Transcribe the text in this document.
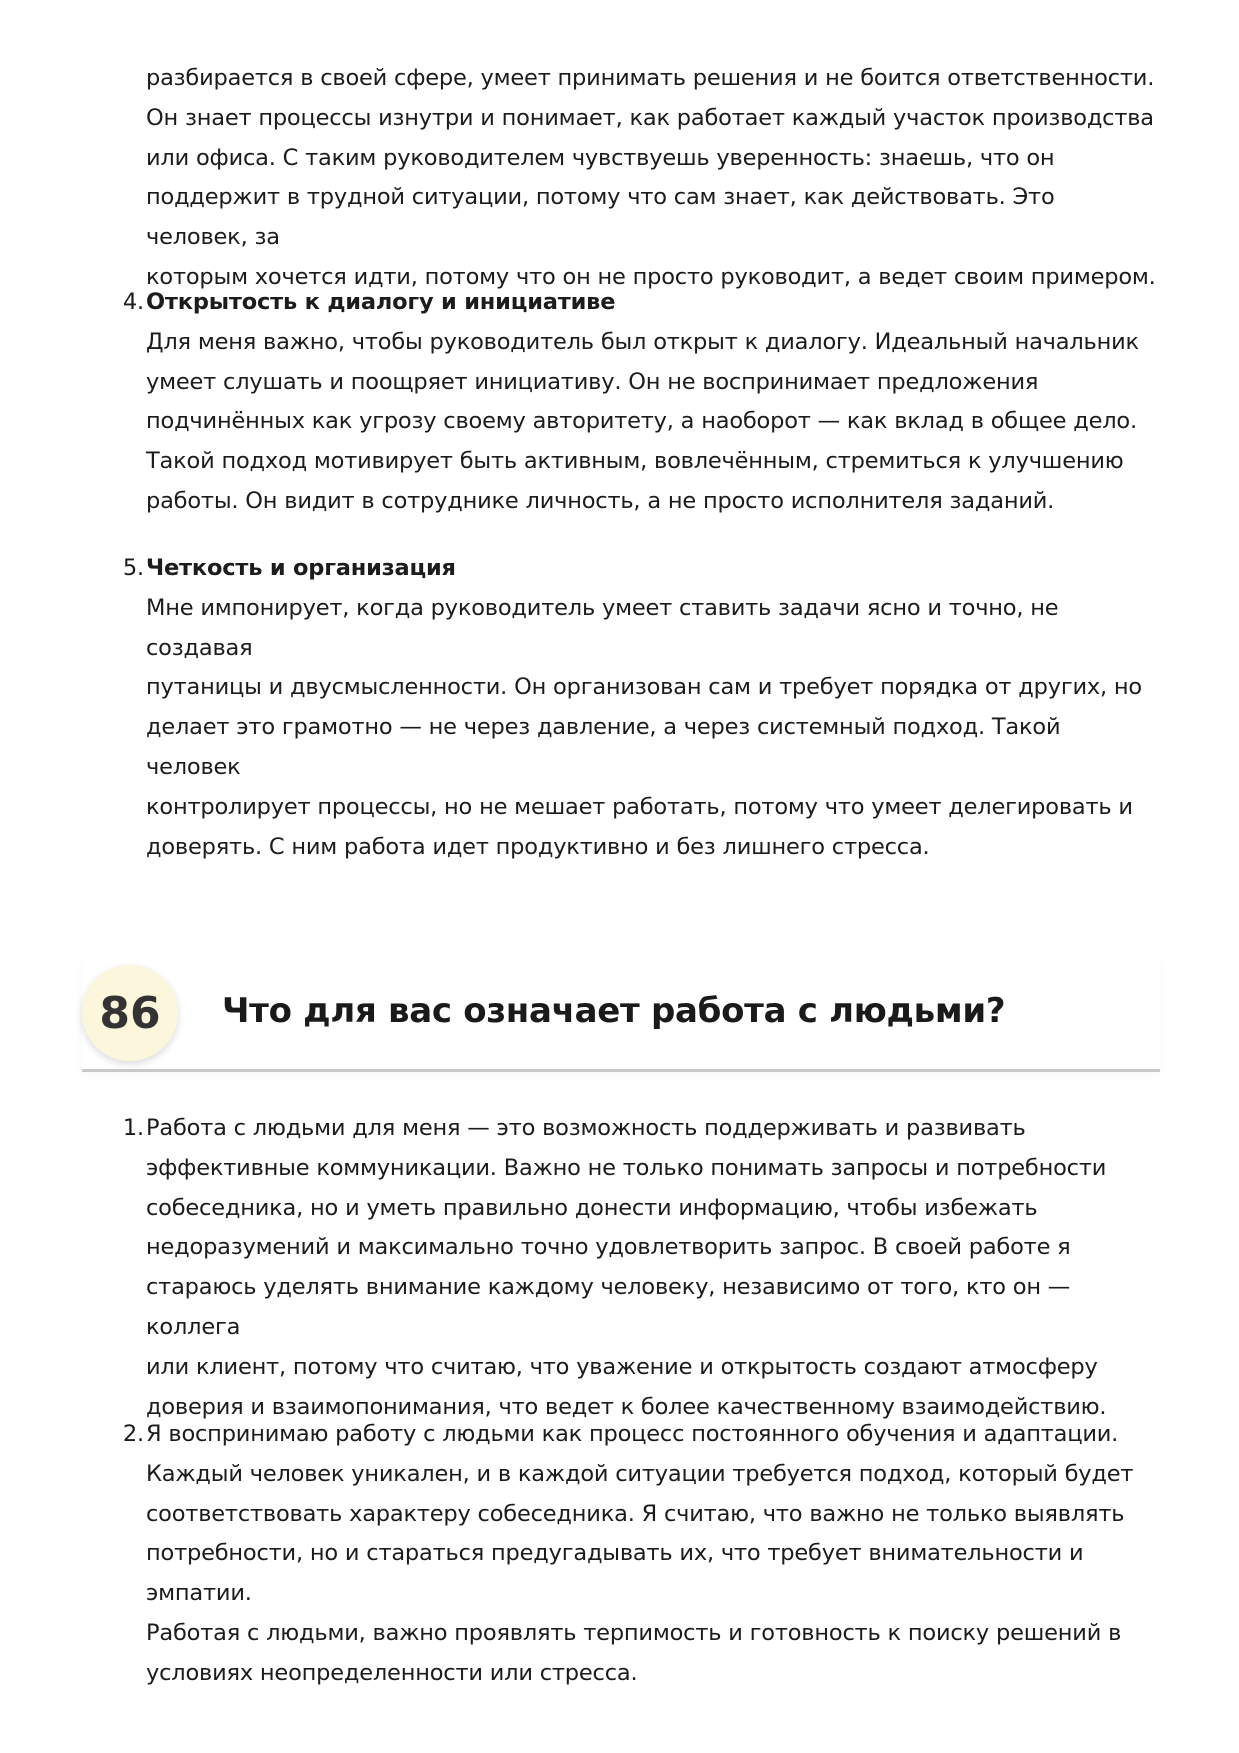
разбирается в своей сфере, умеет принимать решения и не боится ответственности.
Он знает процессы изнутри и понимает, как работает каждый участок производства
или офиса. С таким руководителем чувствуешь уверенность: знаешь, что он
поддержит в трудной ситуации, потому что сам знает, как действовать. Это человек, за
которым хочется идти, потому что он не просто руководит, а ведет своим примером.
4. Открытость к диалогу и инициативе
Для меня важно, чтобы руководитель был открыт к диалогу. Идеальный начальник
умеет слушать и поощряет инициативу. Он не воспринимает предложения
подчинённых как угрозу своему авторитету, а наоборот — как вклад в общее дело.
Такой подход мотивирует быть активным, вовлечённым, стремиться к улучшению
работы. Он видит в сотруднике личность, а не просто исполнителя заданий.
5. Четкость и организация
Мне импонирует, когда руководитель умеет ставить задачи ясно и точно, не создавая
путаницы и двусмысленности. Он организован сам и требует порядка от других, но
делает это грамотно — не через давление, а через системный подход. Такой человек
контролирует процессы, но не мешает работать, потому что умеет делегировать и
доверять. С ним работа идет продуктивно и без лишнего стресса.
86	Что для вас означает работа с людьми?
1. Работа с людьми для меня — это возможность поддерживать и развивать
эффективные коммуникации. Важно не только понимать запросы и потребности
собеседника, но и уметь правильно донести информацию, чтобы избежать
недоразумений и максимально точно удовлетворить запрос. В своей работе я
стараюсь уделять внимание каждому человеку, независимо от того, кто он — коллега
или клиент, потому что считаю, что уважение и открытость создают атмосферу
доверия и взаимопонимания, что ведет к более качественному взаимодействию.
2. Я воспринимаю работу с людьми как процесс постоянного обучения и адаптации.
Каждый человек уникален, и в каждой ситуации требуется подход, который будет
соответствовать характеру собеседника. Я считаю, что важно не только выявлять
потребности, но и стараться предугадывать их, что требует внимательности и эмпатии.
Работая с людьми, важно проявлять терпимость и готовность к поиску решений в
условиях неопределенности или стресса.
